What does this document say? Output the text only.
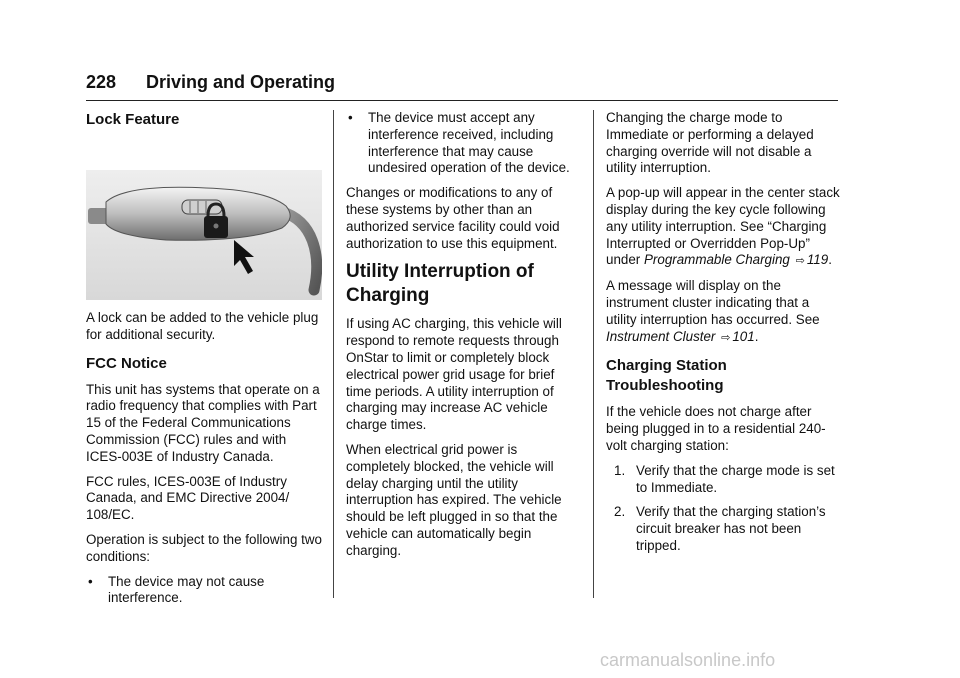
228 Driving and Operating
Lock Feature

A lock can be added to the vehicle plug for additional security.

FCC Notice

This unit has systems that operate on a radio frequency that complies with Part 15 of the Federal Communications Commission (FCC) rules and with ICES-003E of Industry Canada.

FCC rules, ICES-003E of Industry Canada, and EMC Directive 2004/ 108/EC.

Operation is subject to the following two conditions:

• The device may not cause interference.
• The device must accept any interference received, including interference that may cause undesired operation of the device.

Changes or modifications to any of these systems by other than an authorized service facility could void authorization to use this equipment.

Utility Interruption of Charging

If using AC charging, this vehicle will respond to remote requests through OnStar to limit or completely block electrical power grid usage for brief time periods. A utility interruption of charging may increase AC vehicle charge times.

When electrical grid power is completely blocked, the vehicle will delay charging until the utility interruption has expired. The vehicle should be left plugged in so that the vehicle can automatically begin charging.

Changing the charge mode to Immediate or performing a delayed charging override will not disable a utility interruption.

A pop-up will appear in the center stack display during the key cycle following any utility interruption. See “Charging Interrupted or Overridden Pop-Up” under Programmable Charging ⇨ 119.

A message will display on the instrument cluster indicating that a utility interruption has occurred. See Instrument Cluster ⇨ 101.

Charging Station Troubleshooting

If the vehicle does not charge after being plugged in to a residential 240-volt charging station:

1. Verify that the charge mode is set to Immediate.
2. Verify that the charging station’s circuit breaker has not been tripped.
carmanualsonline.info
